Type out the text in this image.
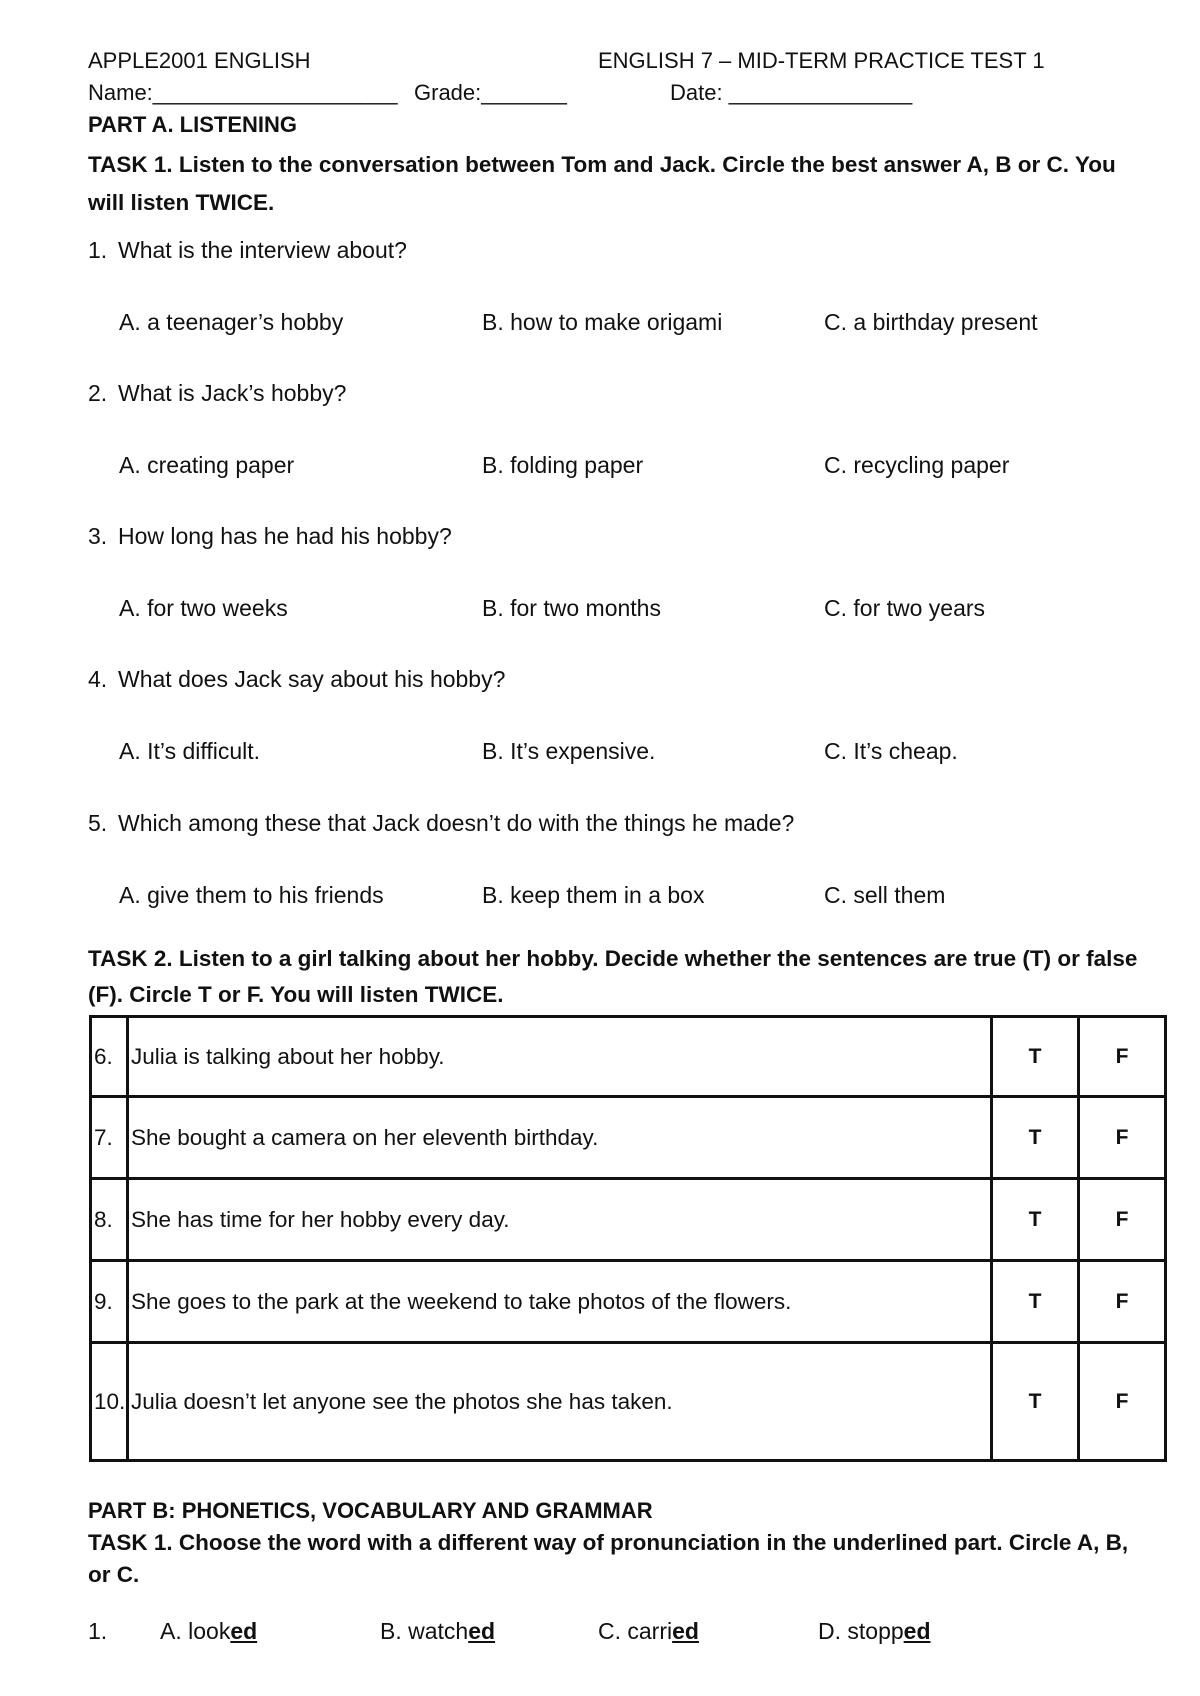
APPLE2001 ENGLISH	ENGLISH 7 – MID-TERM PRACTICE TEST 1
Name:____________________ Grade:_______	Date: _______________
PART A. LISTENING
TASK 1. Listen to the conversation between Tom and Jack. Circle the best answer A, B or C. You
will listen TWICE.
1. What is the interview about?
A. a teenager’s hobby	B. how to make origami	C. a birthday present
2. What is Jack’s hobby?
A. creating paper	B. folding paper	C. recycling paper
3. How long has he had his hobby?
A. for two weeks	B. for two months	C. for two years
4. What does Jack say about his hobby?
A. It’s difficult.	B. It’s expensive.	C. It’s cheap.
5. Which among these that Jack doesn’t do with the things he made?
A. give them to his friends	B. keep them in a box	C. sell them
TASK 2. Listen to a girl talking about her hobby. Decide whether the sentences are true (T) or false
(F). Circle T or F. You will listen TWICE.
6.	Julia is talking about her hobby.	T	F
7.	She bought a camera on her eleventh birthday.	T	F
8.	She has time for her hobby every day.	T	F
9.	She goes to the park at the weekend to take photos of the flowers.	T	F
10.	Julia doesn’t let anyone see the photos she has taken.	T	F
PART B: PHONETICS, VOCABULARY AND GRAMMAR
TASK 1. Choose the word with a different way of pronunciation in the underlined part. Circle A, B,
or C.
1. A. looked	B. watched	C. carried	D. stopped
